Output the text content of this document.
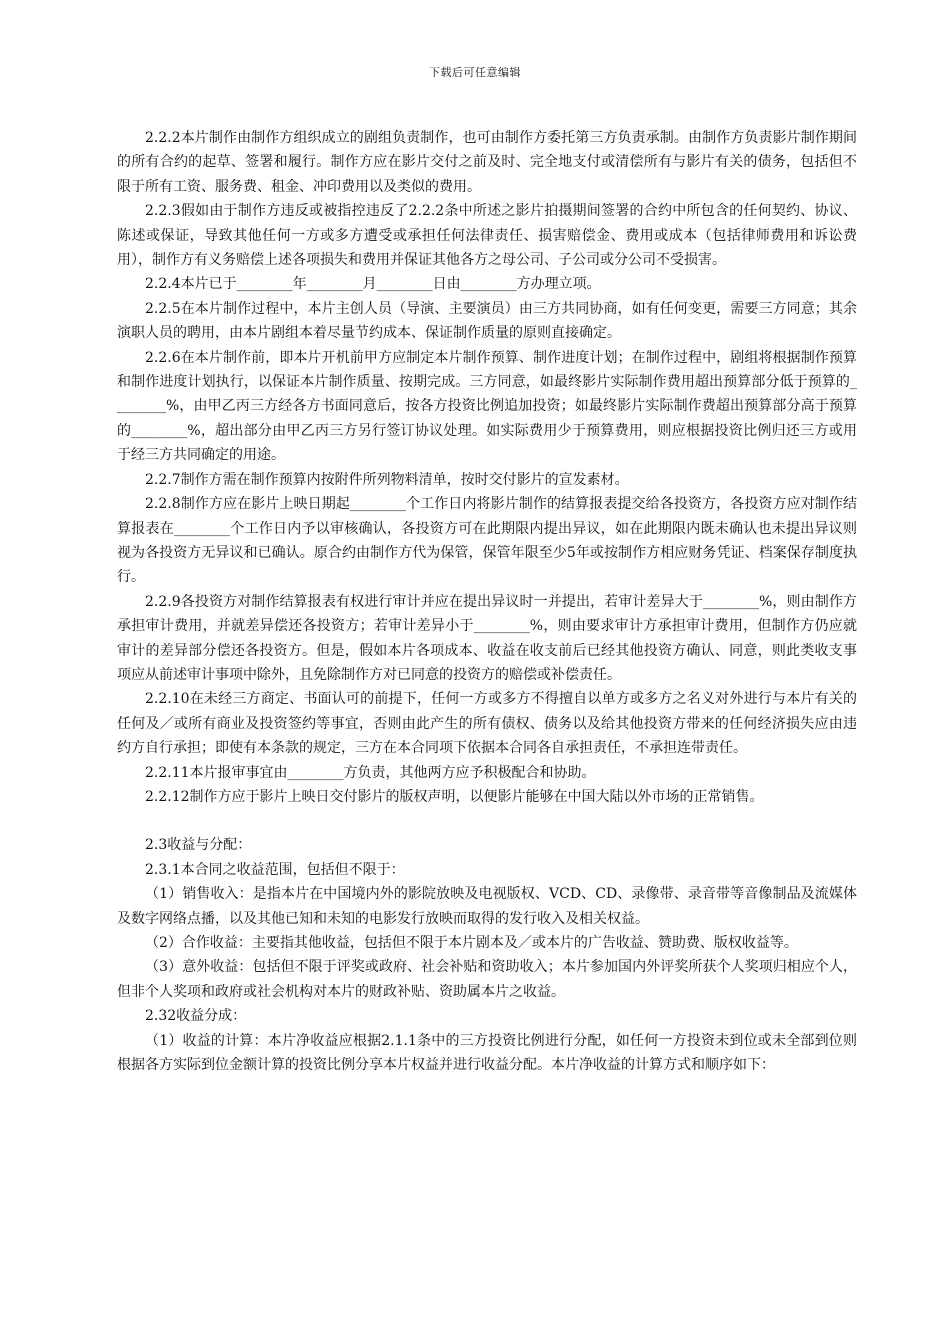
下载后可任意编辑

2.2.2本片制作由制作方组织成立的剧组负责制作，也可由制作方委托第三方负责承制。由制作方负责影片制作期间的所有合约的起草、签署和履行。制作方应在影片交付之前及时、完全地支付或清偿所有与影片有关的债务，包括但不限于所有工资、服务费、租金、冲印费用以及类似的费用。

2.2.3假如由于制作方违反或被指控违反了2.2.2条中所述之影片拍摄期间签署的合约中所包含的任何契约、协议、陈述或保证，导致其他任何一方或多方遭受或承担任何法律责任、损害赔偿金、费用或成本（包括律师费用和诉讼费用），制作方有义务赔偿上述各项损失和费用并保证其他各方之母公司、子公司或分公司不受损害。

2.2.4本片已于________年________月________日由________方办理立项。

2.2.5在本片制作过程中，本片主创人员（导演、主要演员）由三方共同协商，如有任何变更，需要三方同意；其余演职人员的聘用，由本片剧组本着尽量节约成本、保证制作质量的原则直接确定。

2.2.6在本片制作前，即本片开机前甲方应制定本片制作预算、制作进度计划；在制作过程中，剧组将根据制作预算和制作进度计划执行，以保证本片制作质量、按期完成。三方同意，如最终影片实际制作费用超出预算部分低于预算的________%，由甲乙丙三方经各方书面同意后，按各方投资比例追加投资；如最终影片实际制作费超出预算部分高于预算的________%，超出部分由甲乙丙三方另行签订协议处理。如实际费用少于预算费用，则应根据投资比例归还三方或用于经三方共同确定的用途。

2.2.7制作方需在制作预算内按附件所列物料清单，按时交付影片的宣发素材。

2.2.8制作方应在影片上映日期起________个工作日内将影片制作的结算报表提交给各投资方，各投资方应对制作结算报表在________个工作日内予以审核确认，各投资方可在此期限内提出异议，如在此期限内既未确认也未提出异议则视为各投资方无异议和已确认。原合约由制作方代为保管，保管年限至少5年或按制作方相应财务凭证、档案保存制度执行。

2.2.9各投资方对制作结算报表有权进行审计并应在提出异议时一并提出，若审计差异大于________%，则由制作方承担审计费用，并就差异偿还各投资方；若审计差异小于________%，则由要求审计方承担审计费用，但制作方仍应就审计的差异部分偿还各投资方。但是，假如本片各项成本、收益在收支前后已经其他投资方确认、同意，则此类收支事项应从前述审计事项中除外，且免除制作方对已同意的投资方的赔偿或补偿责任。

2.2.10在未经三方商定、书面认可的前提下，任何一方或多方不得擅自以单方或多方之名义对外进行与本片有关的任何及／或所有商业及投资签约等事宜，否则由此产生的所有债权、债务以及给其他投资方带来的任何经济损失应由违约方自行承担；即使有本条款的规定，三方在本合同项下依据本合同各自承担责任，不承担连带责任。

2.2.11本片报审事宜由________方负责，其他两方应予积极配合和协助。

2.2.12制作方应于影片上映日交付影片的版权声明，以便影片能够在中国大陆以外市场的正常销售。

2.3收益与分配：

2.3.1本合同之收益范围，包括但不限于：

（1）销售收入：是指本片在中国境内外的影院放映及电视版权、VCD、CD、录像带、录音带等音像制品及流媒体及数字网络点播，以及其他已知和未知的电影发行放映而取得的发行收入及相关权益。

（2）合作收益：主要指其他收益，包括但不限于本片剧本及／或本片的广告收益、赞助费、版权收益等。

（3）意外收益：包括但不限于评奖或政府、社会补贴和资助收入；本片参加国内外评奖所获个人奖项归相应个人，但非个人奖项和政府或社会机构对本片的财政补贴、资助属本片之收益。

2.32收益分成：

（1）收益的计算：本片净收益应根据2.1.1条中的三方投资比例进行分配，如任何一方投资未到位或未全部到位则根据各方实际到位金额计算的投资比例分享本片权益并进行收益分配。本片净收益的计算方式和顺序如下：
